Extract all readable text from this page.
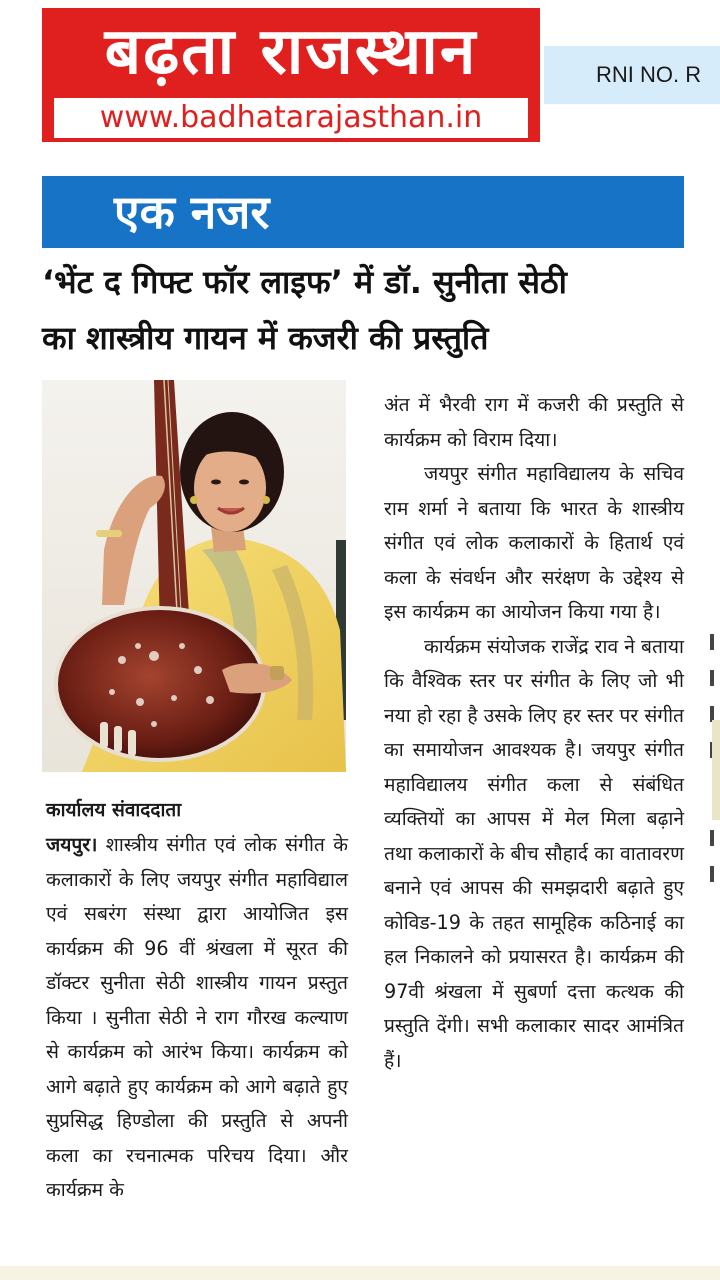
बढ़ता राजस्थान
www.badhatarajasthan.in
RNI NO. R
एक नजर
‘भेंट द गिफ्ट फॉर लाइफ’ में डॉ. सुनीता सेठी
का शास्त्रीय गायन में कजरी की प्रस्तुति
कार्यालय संवाददाता

जयपुर। शास्त्रीय संगीत एवं लोक संगीत के कलाकारों के लिए जयपुर संगीत महाविद्याल एवं सबरंग संस्था द्वारा आयोजित इस कार्यक्रम की 96 वीं श्रंखला में सूरत की डॉक्टर सुनीता सेठी शास्त्रीय गायन प्रस्तुत किया । सुनीता सेठी ने राग गौरख कल्याण से कार्यक्रम को आरंभ किया। कार्यक्रम को आगे बढ़ाते हुए कार्यक्रम को आगे बढ़ाते हुए सुप्रसिद्ध हिण्डोला की प्रस्तुति से अपनी कला का रचनात्मक परिचय दिया। और कार्यक्रम के

अंत में भैरवी राग में कजरी की प्रस्तुति से कार्यक्रम को विराम दिया।

जयपुर संगीत महाविद्यालय के सचिव राम शर्मा ने बताया कि भारत के शास्त्रीय संगीत एवं लोक कलाकारों के हितार्थ एवं कला के संवर्धन और सरंक्षण के उद्देश्य से इस कार्यक्रम का आयोजन किया गया है।

कार्यक्रम संयोजक राजेंद्र राव ने बताया कि वैश्विक स्तर पर संगीत के लिए जो भी नया हो रहा है उसके लिए हर स्तर पर संगीत का समायोजन आवश्यक है। जयपुर संगीत महाविद्यालय संगीत कला से संबंधित व्यक्तियों का आपस में मेल मिला बढ़ाने तथा कलाकारों के बीच सौहार्द का वातावरण बनाने एवं आपस की समझदारी बढ़ाते हुए कोविड-19 के तहत सामूहिक कठिनाई का हल निकालने को प्रयासरत है। कार्यक्रम की 97वी श्रंखला में सुबर्णा दत्ता कत्थक की प्रस्तुति देंगी। सभी कलाकार सादर आमंत्रित हैं।
